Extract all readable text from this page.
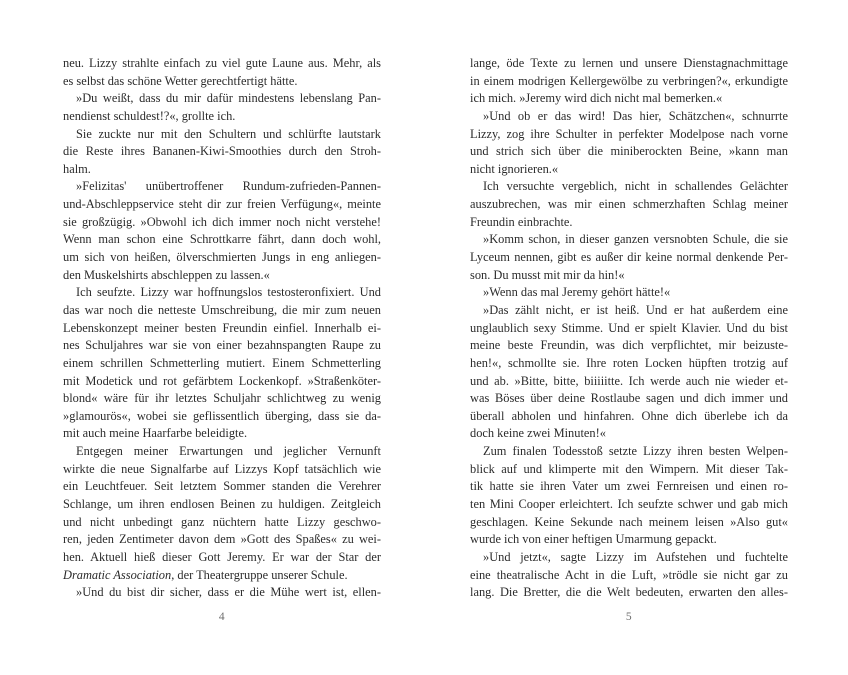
neu. Lizzy strahlte einfach zu viel gute Laune aus. Mehr, als
es selbst das schöne Wetter gerechtfertigt hätte.
»Du weißt, dass du mir dafür mindestens lebenslang Pan-
nendienst schuldest!?«, grollte ich.
Sie zuckte nur mit den Schultern und schlürfte lautstark
die Reste ihres Bananen-Kiwi-Smoothies durch den Stroh-
halm.
»Felizitas' unübertroffener Rundum-zufrieden-Pannen-
und-Abschleppservice steht dir zur freien Verfügung«, meinte
sie großzügig. »Obwohl ich dich immer noch nicht verstehe!
Wenn man schon eine Schrottkarre fährt, dann doch wohl,
um sich von heißen, ölverschmierten Jungs in eng anliegen-
den Muskelshirts abschleppen zu lassen.«
Ich seufzte. Lizzy war hoffnungslos testosteronfixiert. Und
das war noch die netteste Umschreibung, die mir zum neuen
Lebenskonzept meiner besten Freundin einfiel. Innerhalb ei-
nes Schuljahres war sie von einer bezahnspangten Raupe zu
einem schrillen Schmetterling mutiert. Einem Schmetterling
mit Modetick und rot gefärbtem Lockenkopf. »Straßenköter-
blond« wäre für ihr letztes Schuljahr schlichtweg zu wenig
»glamourös«, wobei sie geflissentlich überging, dass sie da-
mit auch meine Haarfarbe beleidigte.
Entgegen meiner Erwartungen und jeglicher Vernunft
wirkte die neue Signalfarbe auf Lizzys Kopf tatsächlich wie
ein Leuchtfeuer. Seit letztem Sommer standen die Verehrer
Schlange, um ihren endlosen Beinen zu huldigen. Zeitgleich
und nicht unbedingt ganz nüchtern hatte Lizzy geschwo-
ren, jeden Zentimeter davon dem »Gott des Spaßes« zu wei-
hen. Aktuell hieß dieser Gott Jeremy. Er war der Star der
Dramatic Association, der Theatergruppe unserer Schule.
»Und du bist dir sicher, dass er die Mühe wert ist, ellen-
lange, öde Texte zu lernen und unsere Dienstagnachmittage
in einem modrigen Kellergewölbe zu verbringen?«, erkundigte
ich mich. »Jeremy wird dich nicht mal bemerken.«
»Und ob er das wird! Das hier, Schätzchen«, schnurrte
Lizzy, zog ihre Schulter in perfekter Modelpose nach vorne
und strich sich über die miniberockten Beine, »kann man
nicht ignorieren.«
Ich versuchte vergeblich, nicht in schallendes Gelächter
auszubrechen, was mir einen schmerzhaften Schlag meiner
Freundin einbrachte.
»Komm schon, in dieser ganzen versnobten Schule, die sie
Lyceum nennen, gibt es außer dir keine normal denkende Per-
son. Du musst mit mir da hin!«
»Wenn das mal Jeremy gehört hätte!«
»Das zählt nicht, er ist heiß. Und er hat außerdem eine
unglaublich sexy Stimme. Und er spielt Klavier. Und du bist
meine beste Freundin, was dich verpflichtet, mir beizuste-
hen!«, schmollte sie. Ihre roten Locken hüpften trotzig auf
und ab. »Bitte, bitte, biiiiitte. Ich werde auch nie wieder et-
was Böses über deine Rostlaube sagen und dich immer und
überall abholen und hinfahren. Ohne dich überlebe ich da
doch keine zwei Minuten!«
Zum finalen Todesstoß setzte Lizzy ihren besten Welpen-
blick auf und klimperte mit den Wimpern. Mit dieser Tak-
tik hatte sie ihren Vater um zwei Fernreisen und einen ro-
ten Mini Cooper erleichtert. Ich seufzte schwer und gab mich
geschlagen. Keine Sekunde nach meinem leisen »Also gut«
wurde ich von einer heftigen Umarmung gepackt.
»Und jetzt«, sagte Lizzy im Aufstehen und fuchtelte
eine theatralische Acht in die Luft, »trödle sie nicht gar zu
lang. Die Bretter, die die Welt bedeuten, erwarten den alles-
4	5
